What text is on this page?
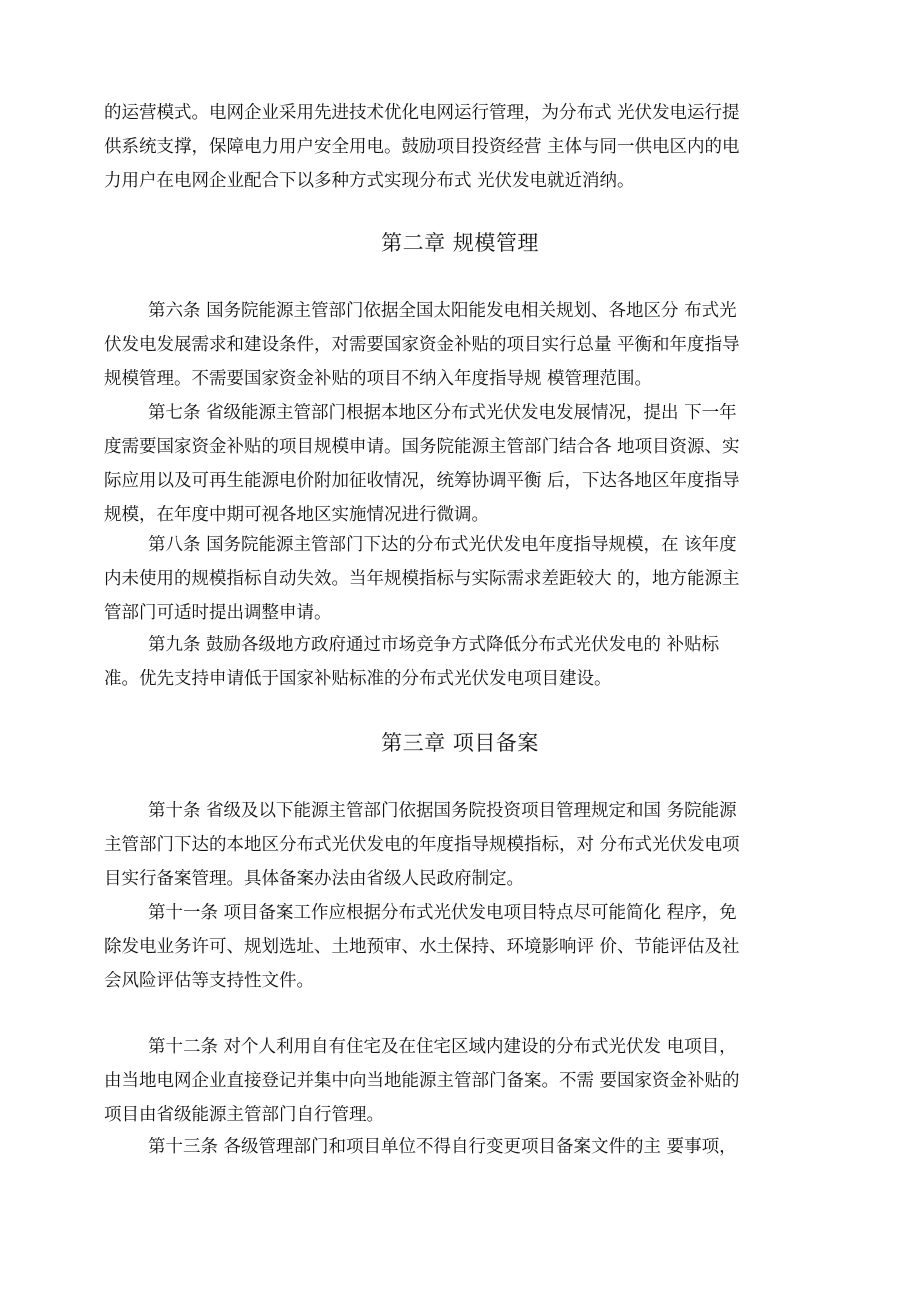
的运营模式。电网企业采用先进技术优化电网运行管理，为分布式 光伏发电运行提
供系统支撑，保障电力用户安全用电。鼓励项目投资经营 主体与同一供电区内的电
力用户在电网企业配合下以多种方式实现分布式 光伏发电就近消纳。
第二章 规模管理
第六条 国务院能源主管部门依据全国太阳能发电相关规划、各地区分 布式光
伏发电发展需求和建设条件，对需要国家资金补贴的项目实行总量 平衡和年度指导
规模管理。不需要国家资金补贴的项目不纳入年度指导规 模管理范围。
第七条 省级能源主管部门根据本地区分布式光伏发电发展情况，提出 下一年
度需要国家资金补贴的项目规模申请。国务院能源主管部门结合各 地项目资源、实
际应用以及可再生能源电价附加征收情况，统筹协调平衡 后，下达各地区年度指导
规模，在年度中期可视各地区实施情况进行微调。
第八条 国务院能源主管部门下达的分布式光伏发电年度指导规模，在 该年度
内未使用的规模指标自动失效。当年规模指标与实际需求差距较大 的，地方能源主
管部门可适时提出调整申请。
第九条 鼓励各级地方政府通过市场竞争方式降低分布式光伏发电的 补贴标
准。优先支持申请低于国家补贴标准的分布式光伏发电项目建设。
第三章 项目备案
第十条 省级及以下能源主管部门依据国务院投资项目管理规定和国 务院能源
主管部门下达的本地区分布式光伏发电的年度指导规模指标，对 分布式光伏发电项
目实行备案管理。具体备案办法由省级人民政府制定。
第十一条 项目备案工作应根据分布式光伏发电项目特点尽可能简化 程序，免
除发电业务许可、规划选址、土地预审、水土保持、环境影响评 价、节能评估及社
会风险评估等支持性文件。
第十二条 对个人利用自有住宅及在住宅区域内建设的分布式光伏发 电项目，
由当地电网企业直接登记并集中向当地能源主管部门备案。不需 要国家资金补贴的
项目由省级能源主管部门自行管理。
第十三条 各级管理部门和项目单位不得自行变更项目备案文件的主 要事项，
